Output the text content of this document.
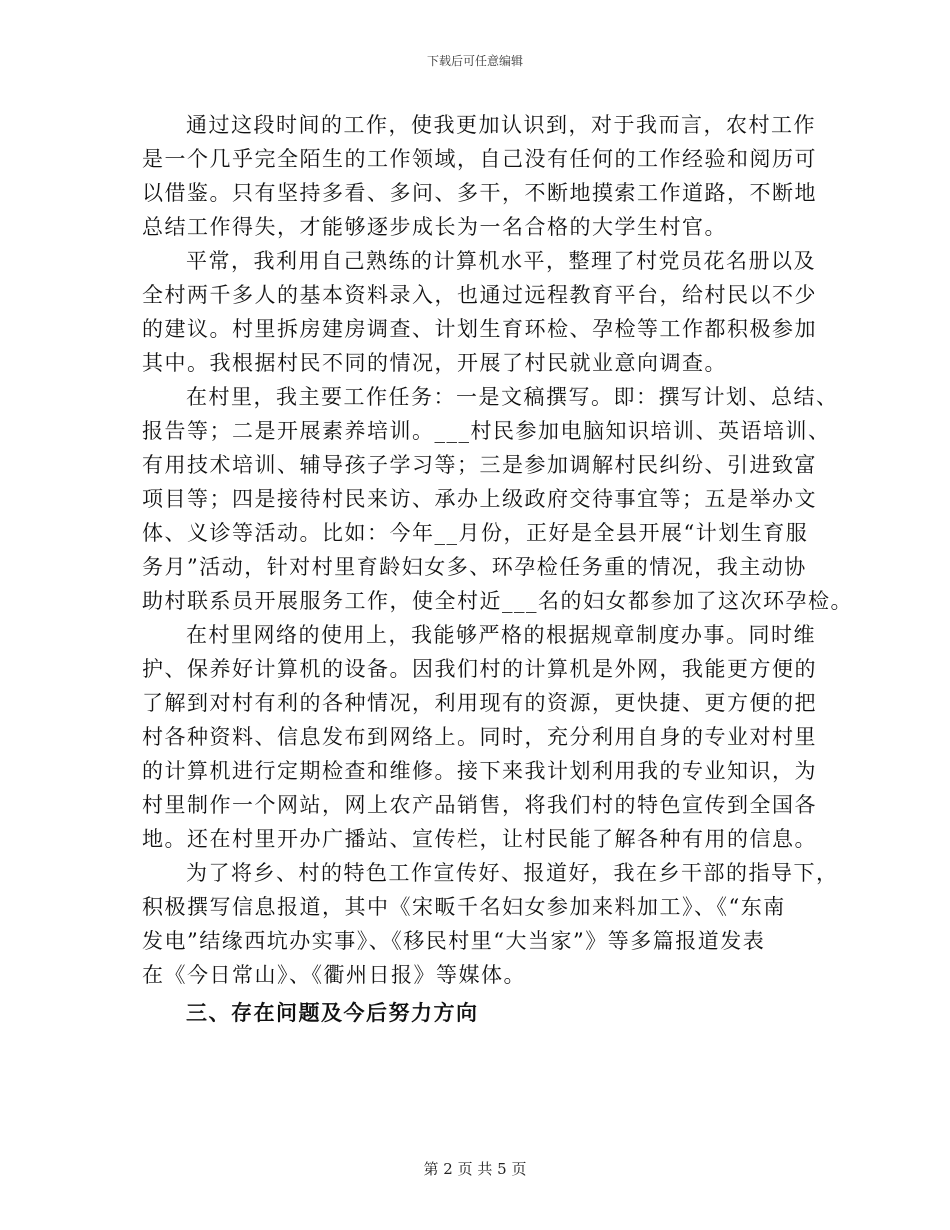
下载后可任意编辑
通过这段时间的工作，使我更加认识到，对于我而言，农村工作
是一个几乎完全陌生的工作领域，自己没有任何的工作经验和阅历可
以借鉴。只有坚持多看、多问、多干，不断地摸索工作道路，不断地
总结工作得失，才能够逐步成长为一名合格的大学生村官。
平常，我利用自己熟练的计算机水平，整理了村党员花名册以及
全村两千多人的基本资料录入，也通过远程教育平台，给村民以不少
的建议。村里拆房建房调查、计划生育环检、孕检等工作都积极参加
其中。我根据村民不同的情况，开展了村民就业意向调查。
在村里，我主要工作任务：一是文稿撰写。即：撰写计划、总结、
报告等；二是开展素养培训。___村民参加电脑知识培训、英语培训、
有用技术培训、辅导孩子学习等；三是参加调解村民纠纷、引进致富
项目等；四是接待村民来访、承办上级政府交待事宜等；五是举办文
体、义诊等活动。比如：今年__月份，正好是全县开展“计划生育服
务月”活动，针对村里育龄妇女多、环孕检任务重的情况，我主动协
助村联系员开展服务工作，使全村近___名的妇女都参加了这次环孕检。
在村里网络的使用上，我能够严格的根据规章制度办事。同时维
护、保养好计算机的设备。因我们村的计算机是外网，我能更方便的
了解到对村有利的各种情况，利用现有的资源，更快捷、更方便的把
村各种资料、信息发布到网络上。同时，充分利用自身的专业对村里
的计算机进行定期检查和维修。接下来我计划利用我的专业知识，为
村里制作一个网站，网上农产品销售，将我们村的特色宣传到全国各
地。还在村里开办广播站、宣传栏，让村民能了解各种有用的信息。
为了将乡、村的特色工作宣传好、报道好，我在乡干部的指导下，
积极撰写信息报道，其中《宋畈千名妇女参加来料加工》、《“东南
发电”结缘西坑办实事》、《移民村里“大当家”》等多篇报道发表
在《今日常山》、《衢州日报》等媒体。
三、存在问题及今后努力方向
第 2 页 共 5 页
